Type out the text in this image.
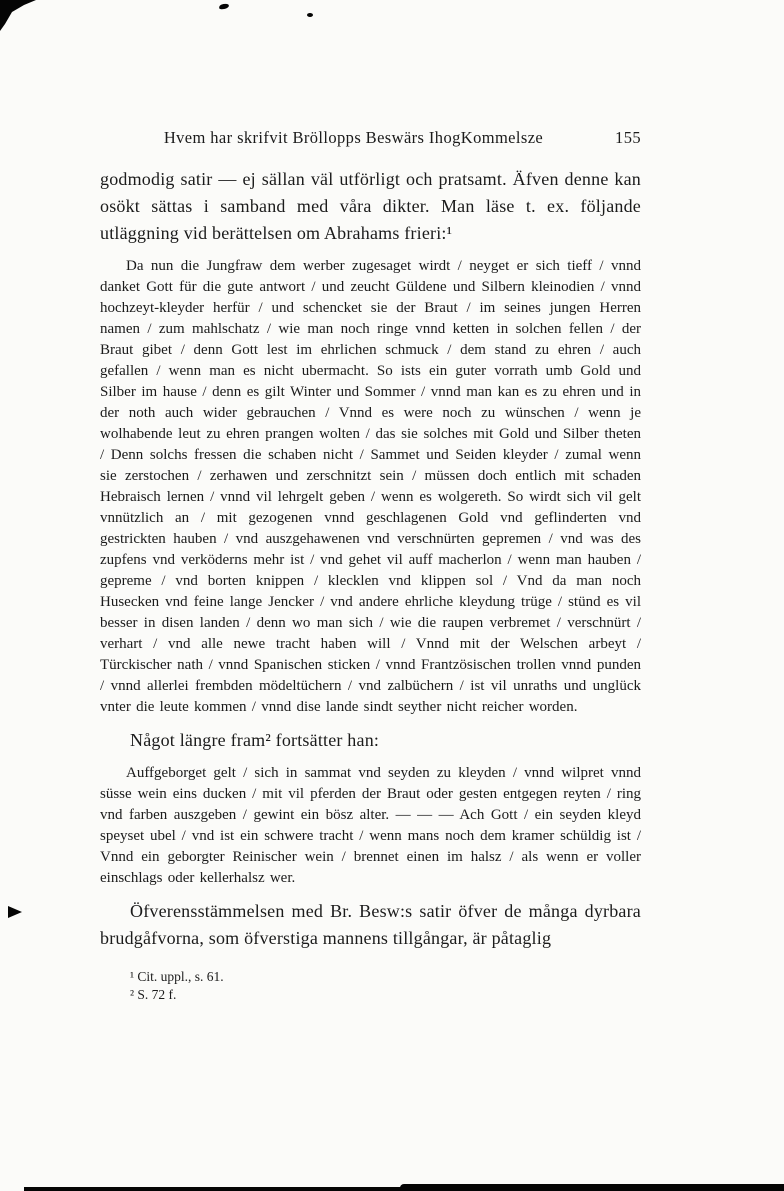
Hvem har skrifvit Bröllopps Beswärs IhogKommelsze	155

godmodig satir — ej sällan väl utförligt och pratsamt. Äfven denne kan osökt sättas i samband med våra dikter. Man läse t. ex. följande utläggning vid berättelsen om Abrahams frieri:¹

Da nun die Jungfraw dem werber zugesaget wirdt / neyget er sich tieff / vnnd danket Gott für die gute antwort / und zeucht Güldene und Silbern kleinodien / vnnd hochzeyt-kleyder herfür / und schencket sie der Braut / im seines jungen Herren namen / zum mahlschatz / wie man noch ringe vnnd ketten in solchen fellen / der Braut gibet / denn Gott lest im ehrlichen schmuck / dem stand zu ehren / auch gefallen / wenn man es nicht ubermacht. So ists ein guter vorrath umb Gold und Silber im hause / denn es gilt Winter und Sommer / vnnd man kan es zu ehren und in der noth auch wider gebrauchen / Vnnd es were noch zu wünschen / wenn je wolhabende leut zu ehren prangen wolten / das sie solches mit Gold und Silber theten / Denn solchs fressen die schaben nicht / Sammet und Seiden kleyder / zumal wenn sie zerstochen / zerhawen und zerschnitzt sein / müssen doch entlich mit schaden Hebraisch lernen / vnnd vil lehrgelt geben / wenn es wolgereth. So wirdt sich vil gelt vnnützlich an / mit gezogenen vnnd geschlagenen Gold vnd geflinderten vnd gestrickten hauben / vnd auszgehawenen vnd verschnürten gepremen / vnd was des zupfens vnd verköderns mehr ist / vnd gehet vil auff macherlon / wenn man hauben / gepreme / vnd borten knippen / klecklen vnd klippen sol / Vnd da man noch Husecken vnd feine lange Jencker / vnd andere ehrliche kleydung trüge / stünd es vil besser in disen landen / denn wo man sich / wie die raupen verbremet / verschnürt / verhart / vnd alle newe tracht haben will / Vnnd mit der Welschen arbeyt / Türckischer nath / vnnd Spanischen sticken / vnnd Frantzösischen trollen vnnd punden / vnnd allerlei frembden mödeltüchern / vnd zalbüchern / ist vil unraths und unglück vnter die leute kommen / vnnd dise lande sindt seyther nicht reicher worden.

Något längre fram² fortsätter han:

Auffgeborget gelt / sich in sammat vnd seyden zu kleyden / vnnd wilpret vnnd süsse wein eins ducken / mit vil pferden der Braut oder gesten entgegen reyten / ring vnd farben auszgeben / gewint ein bösz alter. — — — Ach Gott / ein seyden kleyd speyset ubel / vnd ist ein schwere tracht / wenn mans noch dem kramer schüldig ist / Vnnd ein geborgter Reinischer wein / brennet einen im halsz / als wenn er voller einschlags oder kellerhalsz wer.

Öfverensstämmelsen med Br. Besw:s satir öfver de många dyrbara brudgåfvorna, som öfverstiga mannens tillgångar, är påtaglig

¹ Cit. uppl., s. 61.
² S. 72 f.
